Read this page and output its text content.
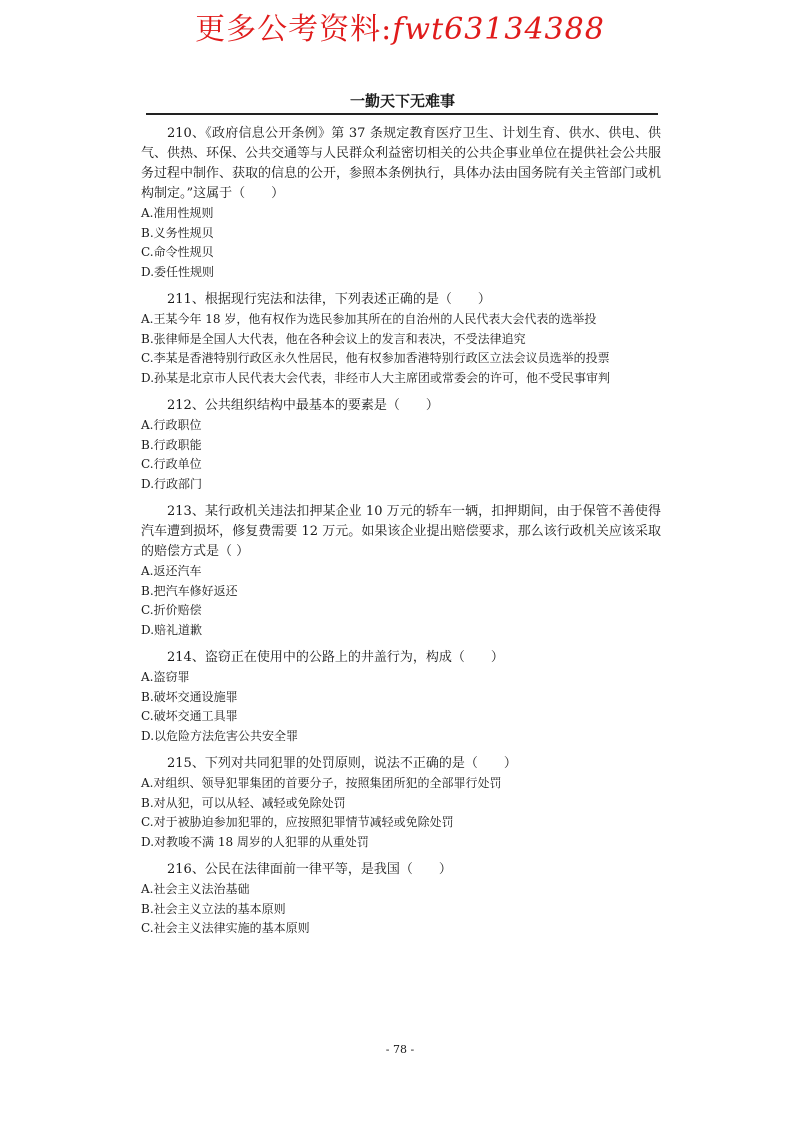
更多公考资料:fwt63134388
一勤天下无难事

210、《政府信息公开条例》第 37 条规定教育医疗卫生、计划生育、供水、供电、供气、供热、环保、公共交通等与人民群众利益密切相关的公共企事业单位在提供社会公共服务过程中制作、获取的信息的公开，参照本条例执行，具体办法由国务院有关主管部门或机构制定。”这属于（　　）

A.准用性规则
B.义务性规贝
C.命令性规贝
D.委任性规则

211、根据现行宪法和法律，下列表述正确的是（　　）

A.王某今年 18 岁，他有权作为选民参加其所在的自治州的人民代表大会代表的选举投
B.张律师是全国人大代表，他在各种会议上的发言和表决，不受法律追究
C.李某是香港特别行政区永久性居民，他有权参加香港特别行政区立法会议员选举的投票
D.孙某是北京市人民代表大会代表，非经市人大主席团或常委会的许可，他不受民事审判

212、公共组织结构中最基本的要素是（　　）

A.行政职位
B.行政职能
C.行政单位
D.行政部门

213、某行政机关违法扣押某企业 10 万元的轿车一辆，扣押期间，由于保管不善使得汽车遭到损坏，修复费需要 12 万元。如果该企业提出赔偿要求，那么该行政机关应该采取的赔偿方式是（ ）

A.返还汽车
B.把汽车修好返还
C.折价赔偿
D.赔礼道歉

214、盗窃正在使用中的公路上的井盖行为，构成（　　）

A.盗窃罪
B.破坏交通设施罪
C.破坏交通工具罪
D.以危险方法危害公共安全罪

215、下列对共同犯罪的处罚原则，说法不正确的是（　　）

A.对组织、领导犯罪集团的首要分子，按照集团所犯的全部罪行处罚
B.对从犯，可以从轻、减轻或免除处罚
C.对于被胁迫参加犯罪的，应按照犯罪情节减轻或免除处罚
D.对教唆不满 18 周岁的人犯罪的从重处罚

216、公民在法律面前一律平等，是我国（　　）

A.社会主义法治基础
B.社会主义立法的基本原则
C.社会主义法律实施的基本原则
- 78 -
